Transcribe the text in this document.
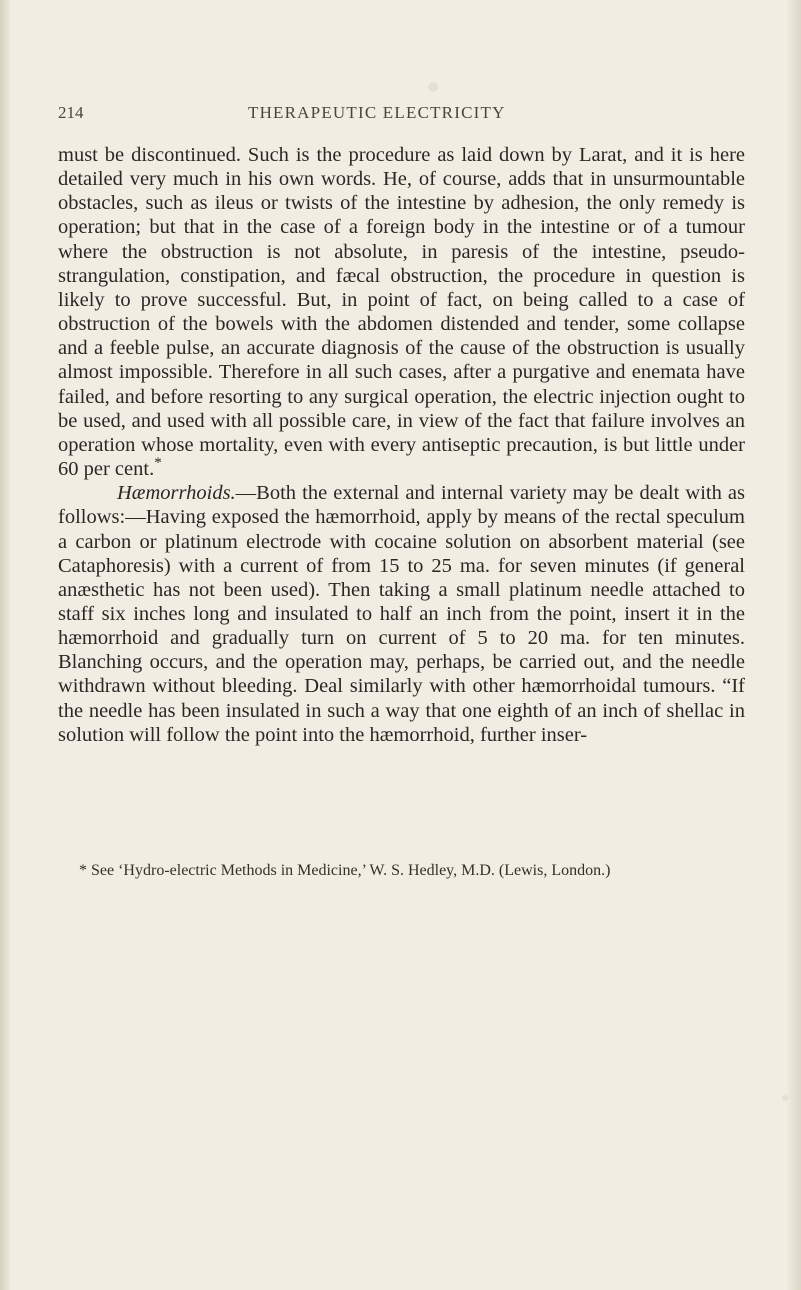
214	THERAPEUTIC ELECTRICITY

must be discontinued. Such is the procedure as laid down by Larat, and it is here detailed very much in his own words. He, of course, adds that in unsurmountable obstacles, such as ileus or twists of the intestine by adhesion, the only remedy is operation; but that in the case of a foreign body in the intestine or of a tumour where the obstruction is not absolute, in paresis of the intestine, pseudo-strangulation, constipation, and fæcal obstruction, the procedure in question is likely to prove successful. But, in point of fact, on being called to a case of obstruction of the bowels with the abdomen distended and tender, some collapse and a feeble pulse, an accurate diagnosis of the cause of the obstruction is usually almost impossible. Therefore in all such cases, after a purgative and enemata have failed, and before resorting to any surgical operation, the electric injection ought to be used, and used with all possible care, in view of the fact that failure involves an operation whose mortality, even with every antiseptic precaution, is but little under 60 per cent.*

Hæmorrhoids.—Both the external and internal variety may be dealt with as follows:—Having exposed the hæmorrhoid, apply by means of the rectal speculum a carbon or platinum electrode with cocaine solution on absorbent material (see Cataphoresis) with a current of from 15 to 25 ma. for seven minutes (if general anæsthetic has not been used). Then taking a small platinum needle attached to staff six inches long and insulated to half an inch from the point, insert it in the hæmorrhoid and gradually turn on current of 5 to 20 ma. for ten minutes. Blanching occurs, and the operation may, perhaps, be carried out, and the needle withdrawn without bleeding. Deal similarly with other hæmorrhoidal tumours. “If the needle has been insulated in such a way that one eighth of an inch of shellac in solution will follow the point into the hæmorrhoid, further inser-

* See ‘Hydro-electric Methods in Medicine,’ W. S. Hedley, M.D. (Lewis, London.)
